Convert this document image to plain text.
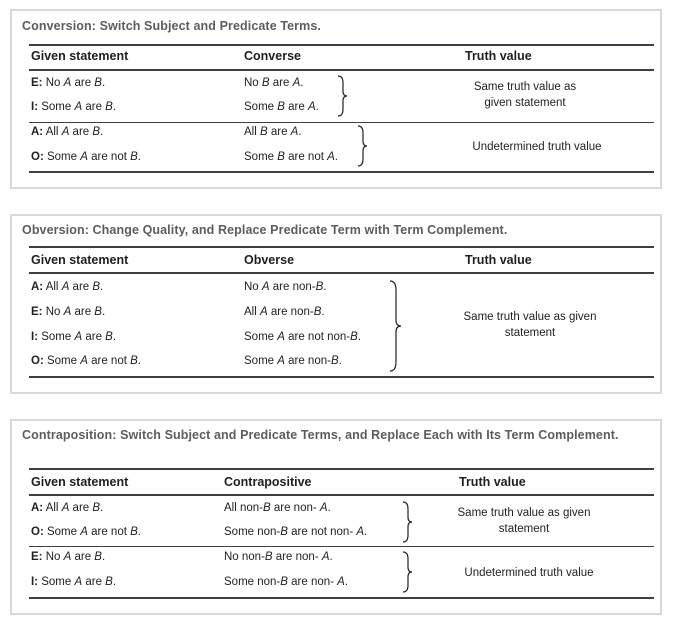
Conversion: Switch Subject and Predicate Terms.
Given statement	Converse	Truth value
E: No A are B.	No B are A.
I: Some A are B.	Some B are A.
A: All A are B.	All B are A.
O: Some A are not B.	Some B are not A.
Same truth value as given statement
Undetermined truth value
Obversion: Change Quality, and Replace Predicate Term with Term Complement.
Given statement	Obverse	Truth value
A: All A are B.	No A are non-B.
E: No A are B.	All A are non-B.
I: Some A are B.	Some A are not non-B.
O: Some A are not B.	Some A are non-B.
Same truth value as given statement
Contraposition: Switch Subject and Predicate Terms, and Replace Each with Its Term Complement.
Given statement	Contrapositive	Truth value
A: All A are B.	All non-B are non- A.
O: Some A are not B.	Some non-B are not non- A.
E: No A are B.	No non-B are non- A.
I: Some A are B.	Some non-B are non- A.
Same truth value as given statement
Undetermined truth value
